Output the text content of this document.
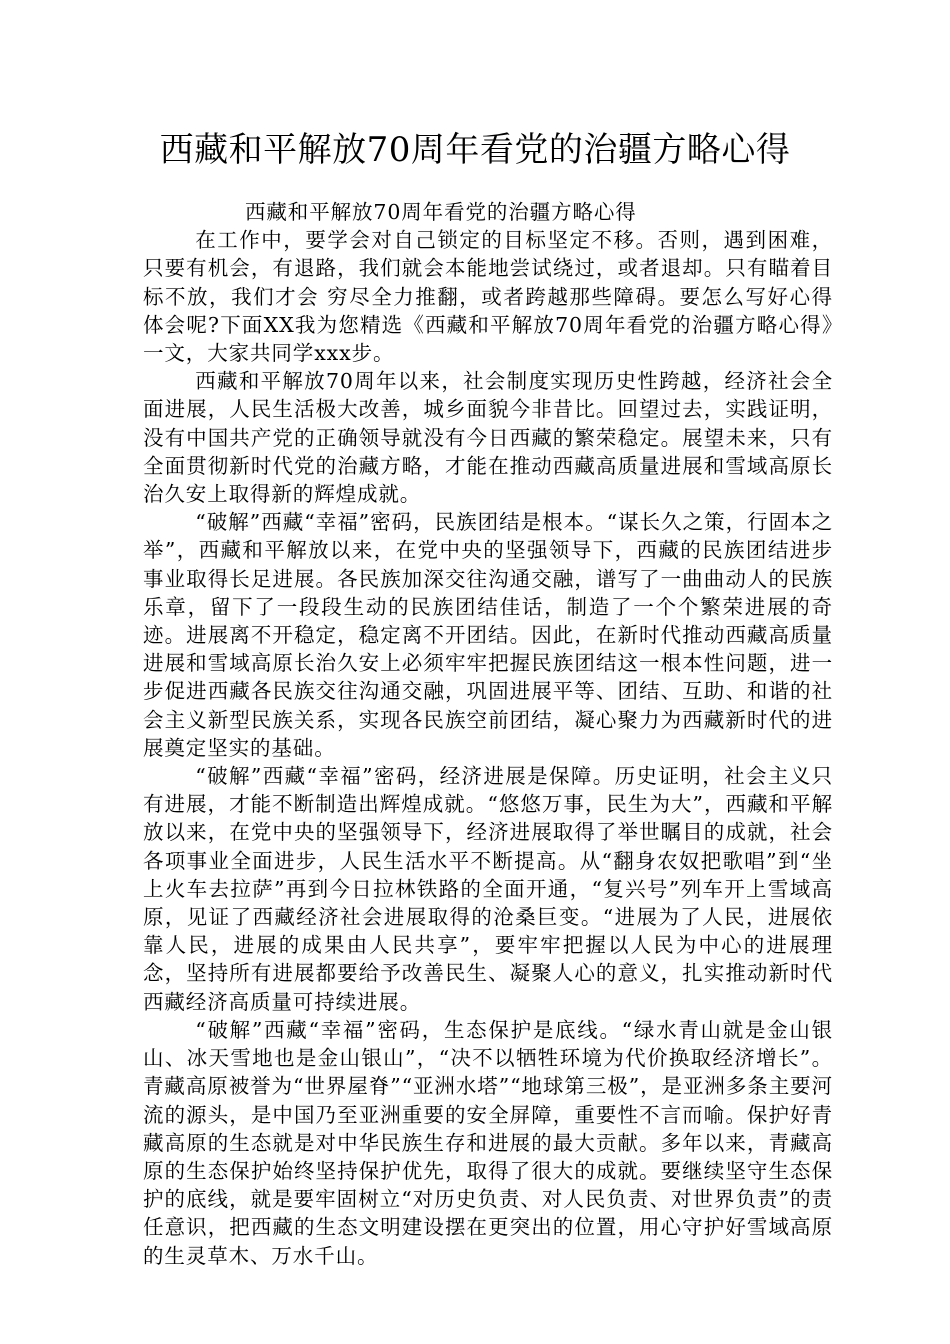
西藏和平解放70周年看党的治疆方略心得

西藏和平解放70周年看党的治疆方略心得

在工作中，要学会对自己锁定的目标坚定不移。否则，遇到困难，只要有机会，有退路，我们就会本能地尝试绕过，或者退却。只有瞄着目标不放，我们才会 穷尽全力推翻，或者跨越那些障碍。要怎么写好心得体会呢?下面XX我为您精选《西藏和平解放70周年看党的治疆方略心得》一文，大家共同学xxx步。

西藏和平解放70周年以来，社会制度实现历史性跨越，经济社会全面进展，人民生活极大改善，城乡面貌今非昔比。回望过去，实践证明，没有中国共产党的正确领导就没有今日西藏的繁荣稳定。展望未来，只有全面贯彻新时代党的治藏方略，才能在推动西藏高质量进展和雪域高原长治久安上取得新的辉煌成就。

“破解”西藏“幸福”密码，民族团结是根本。“谋长久之策，行固本之举”，西藏和平解放以来，在党中央的坚强领导下，西藏的民族团结进步事业取得长足进展。各民族加深交往沟通交融，谱写了一曲曲动人的民族乐章，留下了一段段生动的民族团结佳话，制造了一个个繁荣进展的奇迹。进展离不开稳定，稳定离不开团结。因此，在新时代推动西藏高质量进展和雪域高原长治久安上必须牢牢把握民族团结这一根本性问题，进一步促进西藏各民族交往沟通交融，巩固进展平等、团结、互助、和谐的社会主义新型民族关系，实现各民族空前团结，凝心聚力为西藏新时代的进展奠定坚实的基础。

“破解”西藏“幸福”密码，经济进展是保障。历史证明，社会主义只有进展，才能不断制造出辉煌成就。“悠悠万事，民生为大”，西藏和平解放以来，在党中央的坚强领导下，经济进展取得了举世瞩目的成就，社会各项事业全面进步，人民生活水平不断提高。从“翻身农奴把歌唱”到“坐上火车去拉萨”再到今日拉林铁路的全面开通，“复兴号”列车开上雪域高原，见证了西藏经济社会进展取得的沧桑巨变。“进展为了人民，进展依靠人民，进展的成果由人民共享”，要牢牢把握以人民为中心的进展理念，坚持所有进展都要给予改善民生、凝聚人心的意义，扎实推动新时代西藏经济高质量可持续进展。

“破解”西藏“幸福”密码，生态保护是底线。“绿水青山就是金山银山、冰天雪地也是金山银山”，“决不以牺牲环境为代价换取经济增长”。青藏高原被誉为“世界屋脊”“亚洲水塔”“地球第三极”，是亚洲多条主要河流的源头，是中国乃至亚洲重要的安全屏障，重要性不言而喻。保护好青藏高原的生态就是对中华民族生存和进展的最大贡献。多年以来，青藏高原的生态保护始终坚持保护优先，取得了很大的成就。要继续坚守生态保护的底线，就是要牢固树立“对历史负责、对人民负责、对世界负责”的责任意识，把西藏的生态文明建设摆在更突出的位置，用心守护好雪域高原的生灵草木、万水千山。
